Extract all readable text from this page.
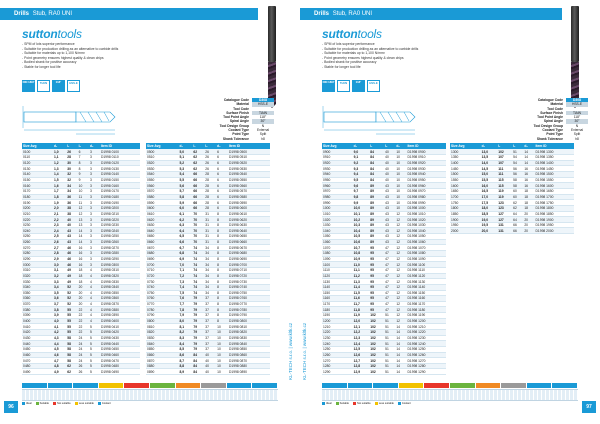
Drills Stub, RA0 UNI
suttontools
- SPM of lots superior performance
- Suitable for production drilling as an alternative to carbide drills
- Suitable for materials up to 1,100 N/mm²
- Point geometry ensures highest quality & clean chips
- Bodied shank for positive accuracy
- Stable for longer tool life
DIN 1897	TiAlN	118°	HSS-E
Catalogue Code	D308
Material	HSS-E
Tool Code
Surface Finish	TiAlN
Tool Point Angle	118°
Spiral Angle	30°
Tool Design Group	N
Coolant Type	External
Point Type	Split
Shank Tolerance	h8
Size Avg	d₁	l₁	l₂	d₂	Item ID
0100	1,0	26	6	3	D1998 0100
0110	1,1	28	7	3	D1998 0110
0120	1,2	30	8	3	D1998 0120
0130	1,3	30	8	3	D1998 0130
0140	1,4	32	9	3	D1998 0140
0150	1,5	32	9	3	D1998 0150
0160	1,6	34	10	3	D1998 0160
0170	1,7	34	10	3	D1998 0170
0180	1,8	36	11	3	D1998 0180
0190	1,9	36	11	3	D1998 0190
0200	2,0	38	12	3	D1998 0200
0210	2,1	38	12	3	D1998 0210
0220	2,2	40	13	3	D1998 0220
0230	2,3	40	13	3	D1998 0230
0240	2,4	43	14	3	D1998 0240
0250	2,5	43	14	3	D1998 0250
0260	2,6	43	14	3	D1998 0260
0270	2,7	46	16	3	D1998 0270
0280	2,8	46	16	3	D1998 0280
0290	2,9	46	16	3	D1998 0290
0300	3,0	46	16	3	D1998 0300
0310	3,1	49	18	4	D1998 0310
0320	3,2	49	18	4	D1998 0320
0330	3,3	49	18	4	D1998 0330
0340	3,4	52	20	4	D1998 0340
0350	3,5	52	20	4	D1998 0350
0360	3,6	52	20	4	D1998 0360
0370	3,7	52	20	4	D1998 0370
0380	3,8	55	22	4	D1998 0380
0390	3,9	55	22	4	D1998 0390
0400	4,0	55	22	4	D1998 0400
0410	4,1	55	22	5	D1998 0410
0420	4,2	55	22	5	D1998 0420
0430	4,3	58	24	5	D1998 0430
0440	4,4	58	24	5	D1998 0440
0450	4,5	58	24	5	D1998 0450
0460	4,6	58	24	5	D1998 0460
0470	4,7	58	24	5	D1998 0470
0480	4,8	62	26	5	D1998 0480
0490	4,9	62	26	5	D1998 0490
Size Avg	d₁	l₁	l₂	d₂	Item ID
0500	5,0	62	26	6	D1998 0500
0510	5,1	62	26	6	D1998 0510
0520	5,2	62	26	6	D1998 0520
0530	5,3	62	26	6	D1998 0530
0540	5,4	66	28	6	D1998 0540
0550	5,5	66	28	6	D1998 0550
0560	5,6	66	28	6	D1998 0560
0570	5,7	66	28	6	D1998 0570
0580	5,8	66	28	6	D1998 0580
0590	5,9	66	28	6	D1998 0590
0600	6,0	66	28	6	D1998 0600
0610	6,1	70	31	8	D1998 0610
0620	6,2	70	31	8	D1998 0620
0630	6,3	70	31	8	D1998 0630
0640	6,4	70	31	8	D1998 0640
0650	6,5	70	31	8	D1998 0650
0660	6,6	70	31	8	D1998 0660
0670	6,7	74	34	8	D1998 0670
0680	6,8	74	34	8	D1998 0680
0690	6,9	74	34	8	D1998 0690
0700	7,0	74	34	8	D1998 0700
0710	7,1	74	34	8	D1998 0710
0720	7,2	74	34	8	D1998 0720
0730	7,3	74	34	8	D1998 0730
0740	7,4	74	34	8	D1998 0740
0750	7,5	74	34	8	D1998 0750
0760	7,6	79	37	8	D1998 0760
0770	7,7	79	37	8	D1998 0770
0780	7,8	79	37	8	D1998 0780
0790	7,9	79	37	8	D1998 0790
0800	8,0	79	37	8	D1998 0800
0810	8,1	79	37	10	D1998 0810
0820	8,2	79	37	10	D1998 0820
0830	8,3	79	37	10	D1998 0830
0840	8,4	79	37	10	D1998 0840
0850	8,5	79	37	10	D1998 0850
0860	8,6	84	40	10	D1998 0860
0870	8,7	84	40	10	D1998 0870
0880	8,8	84	40	10	D1998 0880
0890	8,9	84	40	10	D1998 0890	KL-TECH s.r.o. | www.kltk.cz
Ideal	Suitable	Not suitable	Less suitable	Coolant
96
Drills Stub, RA0 UNI
suttontools
- SPM of lots superior performance
- Suitable for production drilling as an alternative to carbide drills
- Suitable for materials up to 1,100 N/mm²
- Point geometry ensures highest quality & clean chips
- Bodied shank for positive accuracy
- Stable for longer tool life
DIN 1897	TiAlN	118°	HSS-E
Catalogue Code	D308
Material	HSS-E
Tool Code
Surface Finish	TiAlN
Tool Point Angle	118°
Spiral Angle	30°
Tool Design Group	N
Coolant Type	External
Point Type	Split
Shank Tolerance	h8
Size Avg	d₁	l₁	l₂	d₂	Item ID
0900	9,0	84	40	10	D1998 0900
0910	9,1	84	40	10	D1998 0910
0920	9,2	84	40	10	D1998 0920
0930	9,3	84	40	10	D1998 0930
0940	9,4	84	40	10	D1998 0940
0950	9,5	84	40	10	D1998 0950
0960	9,6	89	43	10	D1998 0960
0970	9,7	89	43	10	D1998 0970
0980	9,8	89	43	10	D1998 0980
0990	9,9	89	43	10	D1998 0990
1000	10,0	89	43	10	D1998 1000
1010	10,1	89	43	12	D1998 1010
1020	10,2	89	43	12	D1998 1020
1030	10,3	89	43	12	D1998 1030
1040	10,4	89	43	12	D1998 1040
1050	10,5	89	43	12	D1998 1050
1060	10,6	89	43	12	D1998 1060
1070	10,7	95	47	12	D1998 1070
1080	10,8	95	47	12	D1998 1080
1090	10,9	95	47	12	D1998 1090
1100	11,0	95	47	12	D1998 1100
1110	11,1	95	47	12	D1998 1110
1120	11,2	95	47	12	D1998 1120
1130	11,3	95	47	12	D1998 1130
1140	11,4	95	47	12	D1998 1140
1150	11,5	95	47	12	D1998 1150
1160	11,6	95	47	12	D1998 1160
1170	11,7	95	47	12	D1998 1170
1180	11,8	95	47	12	D1998 1180
1190	11,9	102	51	12	D1998 1190
1200	12,0	102	51	12	D1998 1200
1210	12,1	102	51	14	D1998 1210
1220	12,2	102	51	14	D1998 1220
1230	12,3	102	51	14	D1998 1230
1240	12,4	102	51	14	D1998 1240
1250	12,5	102	51	14	D1998 1250
1260	12,6	102	51	14	D1998 1260
1270	12,7	102	51	14	D1998 1270
1280	12,8	102	51	14	D1998 1280
1290	12,9	102	51	14	D1998 1290
Size Avg	d₁	l₁	l₂	d₂	Item ID
1300	13,0	102	51	14	D1998 1300
1350	13,5	107	54	14	D1998 1350
1400	14,0	107	54	14	D1998 1400
1450	14,5	111	56	16	D1998 1450
1500	15,0	111	56	16	D1998 1500
1550	15,5	115	58	16	D1998 1550
1600	16,0	115	58	16	D1998 1600
1650	16,5	119	60	18	D1998 1650
1700	17,0	119	60	18	D1998 1700
1750	17,5	123	62	18	D1998 1750
1800	18,0	123	62	18	D1998 1800
1850	18,5	127	64	20	D1998 1850
1900	19,0	127	64	20	D1998 1900
1950	19,5	131	66	20	D1998 1950
2000	20,0	131	66	20	D1998 2000
KL-TECH s.r.o. | www.kltk.cz
Ideal	Suitable	Not suitable	Less suitable	Coolant
97
